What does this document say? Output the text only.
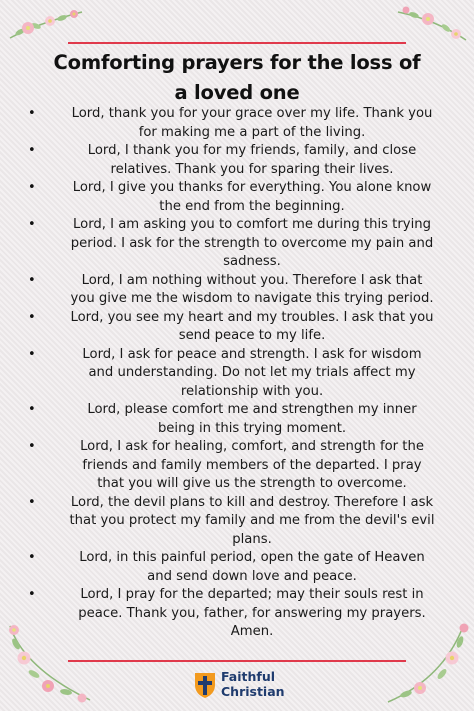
Comforting prayers for the loss of
a loved one
•	Lord, thank you for your grace over my life. Thank you
for making me a part of the living.
•	Lord, I thank you for my friends, family, and close
relatives. Thank you for sparing their lives.
•	Lord, I give you thanks for everything. You alone know
the end from the beginning.
•	Lord, I am asking you to comfort me during this trying
period. I ask for the strength to overcome my pain and
sadness.
•	Lord, I am nothing without you. Therefore I ask that
you give me the wisdom to navigate this trying period.
•	Lord, you see my heart and my troubles. I ask that you
send peace to my life.
•	Lord, I ask for peace and strength. I ask for wisdom
and understanding. Do not let my trials affect my
relationship with you.
•	Lord, please comfort me and strengthen my inner
being in this trying moment.
•	Lord, I ask for healing, comfort, and strength for the
friends and family members of the departed. I pray
that you will give us the strength to overcome.
•	Lord, the devil plans to kill and destroy. Therefore I ask
that you protect my family and me from the devil's evil
plans.
•	Lord, in this painful period, open the gate of Heaven
and send down love and peace.
•	Lord, I pray for the departed; may their souls rest in
peace. Thank you, father, for answering my prayers.
Amen.
Faithful
Christian
